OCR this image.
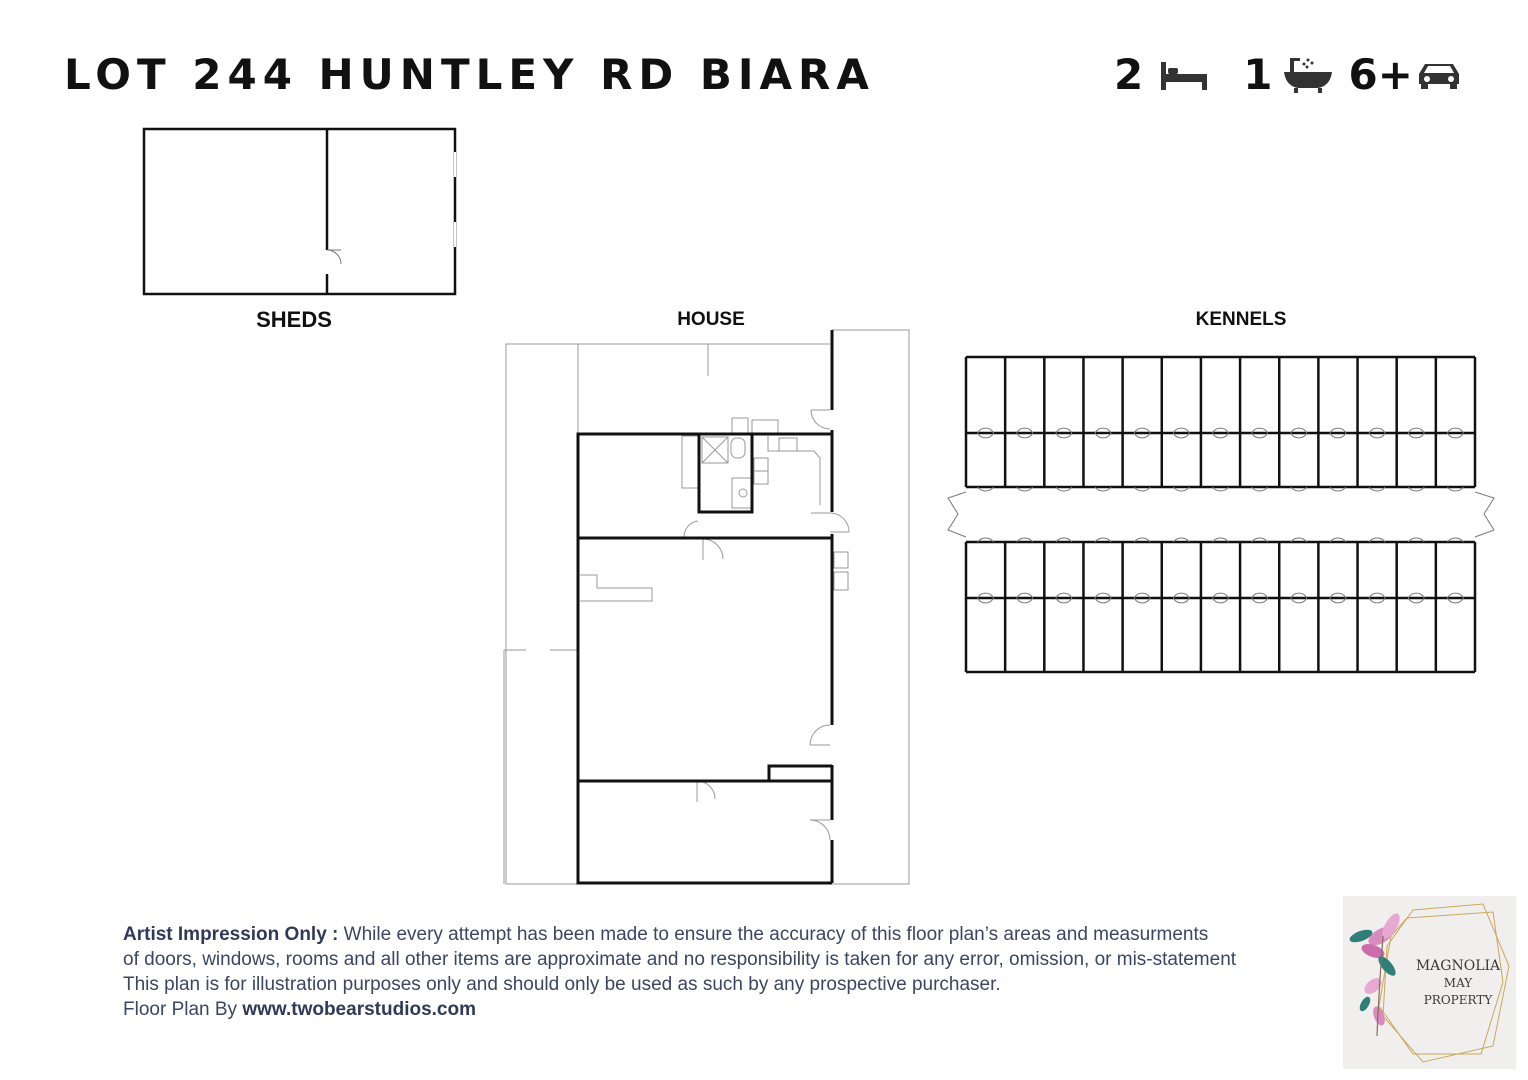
LOT 244 HUNTLEY RD BIARA	2 1 6+
SHEDS	HOUSE	KENNELS
Artist Impression Only : While every attempt has been made to ensure the accuracy of this floor plan’s areas and measurments
of doors, windows, rooms and all other items are approximate and no responsibility is taken for any error, omission, or mis-statement
This plan is for illustration purposes only and should only be used as such by any prospective purchaser.
Floor Plan By www.twobearstudios.com
MAGNOLIA
MAY
PROPERTY
